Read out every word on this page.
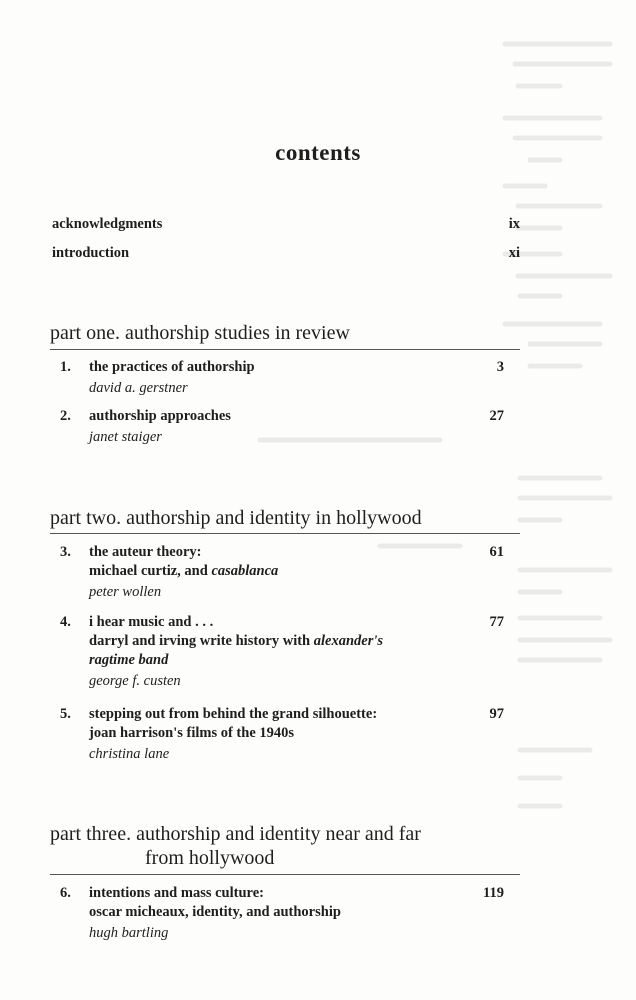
contents
acknowledgments	ix
introduction	xi
part one. authorship studies in review
1. the practices of authorship
david a. gerstner
3
2. authorship approaches
janet staiger
27
part two. authorship and identity in hollywood
3. the auteur theory:
michael curtiz, and casablanca
peter wollen
61
4. i hear music and . . .
darryl and irving write history with alexander's
ragtime band
george f. custen
77
5. stepping out from behind the grand silhouette:
joan harrison's films of the 1940s
christina lane
97
part three. authorship and identity near and far
from hollywood
6. intentions and mass culture:
oscar micheaux, identity, and authorship
hugh bartling
119
